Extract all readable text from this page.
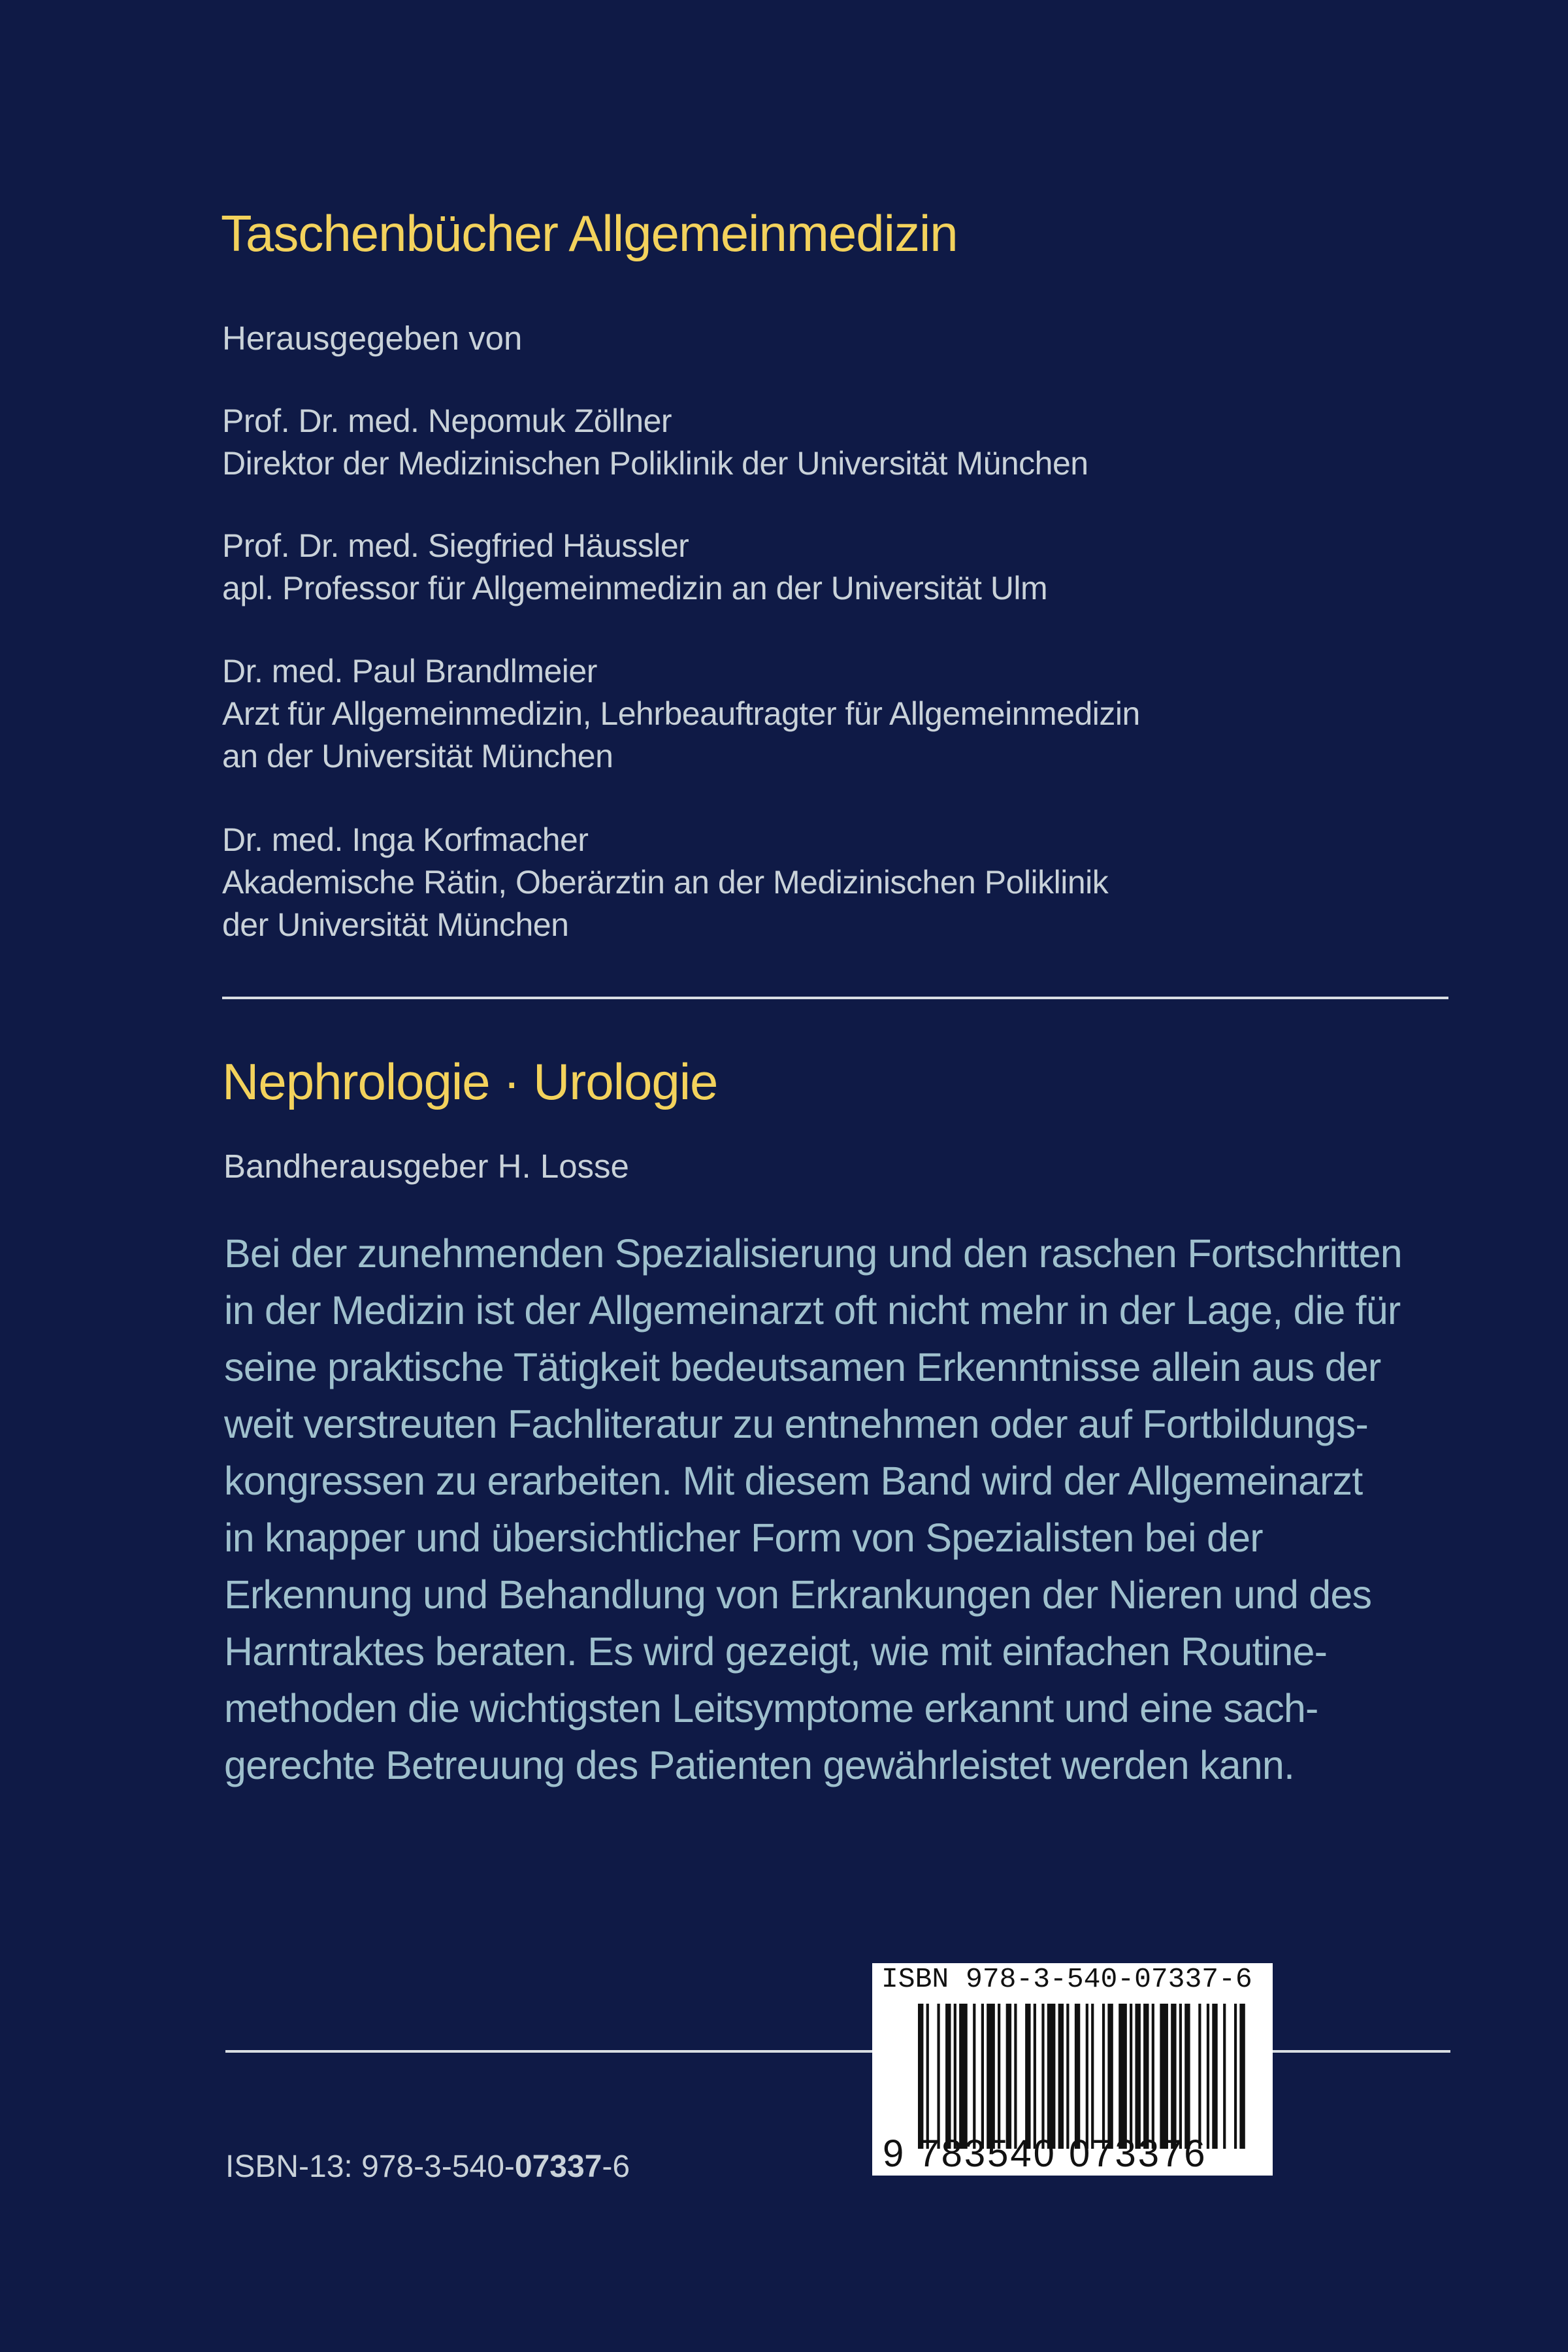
Taschenbücher Allgemeinmedizin
Herausgegeben von
Prof. Dr. med. Nepomuk Zöllner
Direktor der Medizinischen Poliklinik der Universität München
Prof. Dr. med. Siegfried Häussler
apl. Professor für Allgemeinmedizin an der Universität Ulm
Dr. med. Paul Brandlmeier
Arzt für Allgemeinmedizin, Lehrbeauftragter für Allgemeinmedizin
an der Universität München
Dr. med. Inga Korfmacher
Akademische Rätin, Oberärztin an der Medizinischen Poliklinik
der Universität München
Nephrologie · Urologie
Bandherausgeber H. Losse
Bei der zunehmenden Spezialisierung und den raschen Fortschritten
in der Medizin ist der Allgemeinarzt oft nicht mehr in der Lage, die für
seine praktische Tätigkeit bedeutsamen Erkenntnisse allein aus der
weit verstreuten Fachliteratur zu entnehmen oder auf Fortbildungs-
kongressen zu erarbeiten. Mit diesem Band wird der Allgemeinarzt
in knapper und übersichtlicher Form von Spezialisten bei der
Erkennung und Behandlung von Erkrankungen der Nieren und des
Harntraktes beraten. Es wird gezeigt, wie mit einfachen Routine-
methoden die wichtigsten Leitsymptome erkannt und eine sach-
gerechte Betreuung des Patienten gewährleistet werden kann.
ISBN 978-3-540-07337-6
9 783540 073376
ISBN-13: 978-3-540-07337-6
